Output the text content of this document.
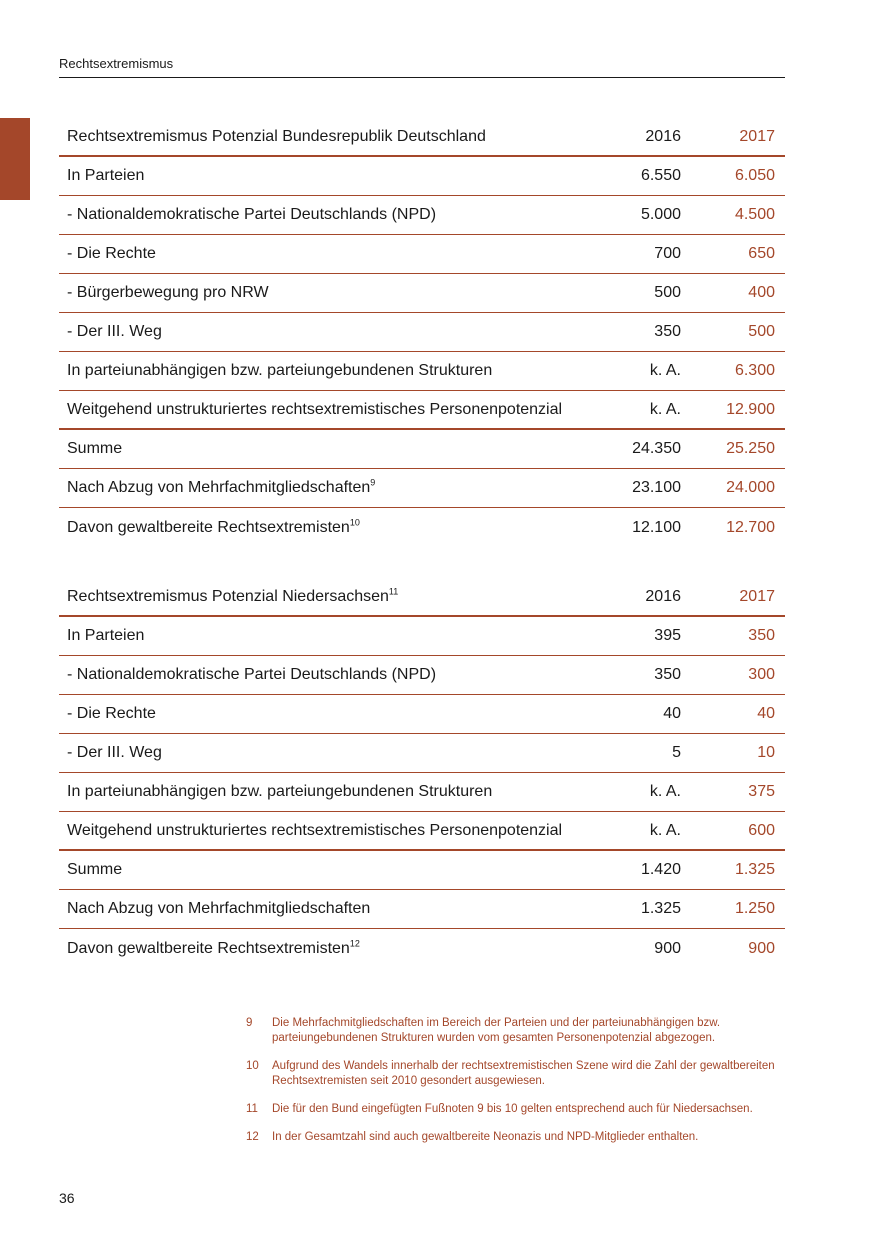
Rechtsextremismus
Rechtsextremismus Potenzial Bundesrepublik Deutschland	2016	2017
In Parteien	6.550	6.050
- Nationaldemokratische Partei Deutschlands (NPD)	5.000	4.500
- Die Rechte	700	650
- Bürgerbewegung pro NRW	500	400
- Der III. Weg	350	500
In parteiunabhängigen bzw. parteiungebundenen Strukturen	k. A.	6.300
Weitgehend unstrukturiertes rechtsextremistisches Personenpotenzial	k. A.	12.900
Summe	24.350	25.250
Nach Abzug von Mehrfachmitgliedschaften$^9$	23.100	24.000
Davon gewaltbereite Rechtsextremisten$^{10}$	12.100	12.700
Rechtsextremismus Potenzial Niedersachsen$^{11}$	2016	2017
In Parteien	395	350
- Nationaldemokratische Partei Deutschlands (NPD)	350	300
- Die Rechte	40	40
- Der III. Weg	5	10
In parteiunabhängigen bzw. parteiungebundenen Strukturen	k. A.	375
Weitgehend unstrukturiertes rechtsextremistisches Personenpotenzial	k. A.	600
Summe	1.420	1.325
Nach Abzug von Mehrfachmitgliedschaften	1.325	1.250
Davon gewaltbereite Rechtsextremisten$^{12}$	900	900
9	Die Mehrfachmitgliedschaften im Bereich der Parteien und der parteiunabhängigen bzw. parteiungebundenen Strukturen wurden vom gesamten Personenpotenzial abgezogen.
10	Aufgrund des Wandels innerhalb der rechtsextremistischen Szene wird die Zahl der gewaltbereiten Rechtsextremisten seit 2010 gesondert ausgewiesen.
11	Die für den Bund eingefügten Fußnoten 9 bis 10 gelten entsprechend auch für Niedersachsen.
12	In der Gesamtzahl sind auch gewaltbereite Neonazis und NPD-Mitglieder enthalten.
36
